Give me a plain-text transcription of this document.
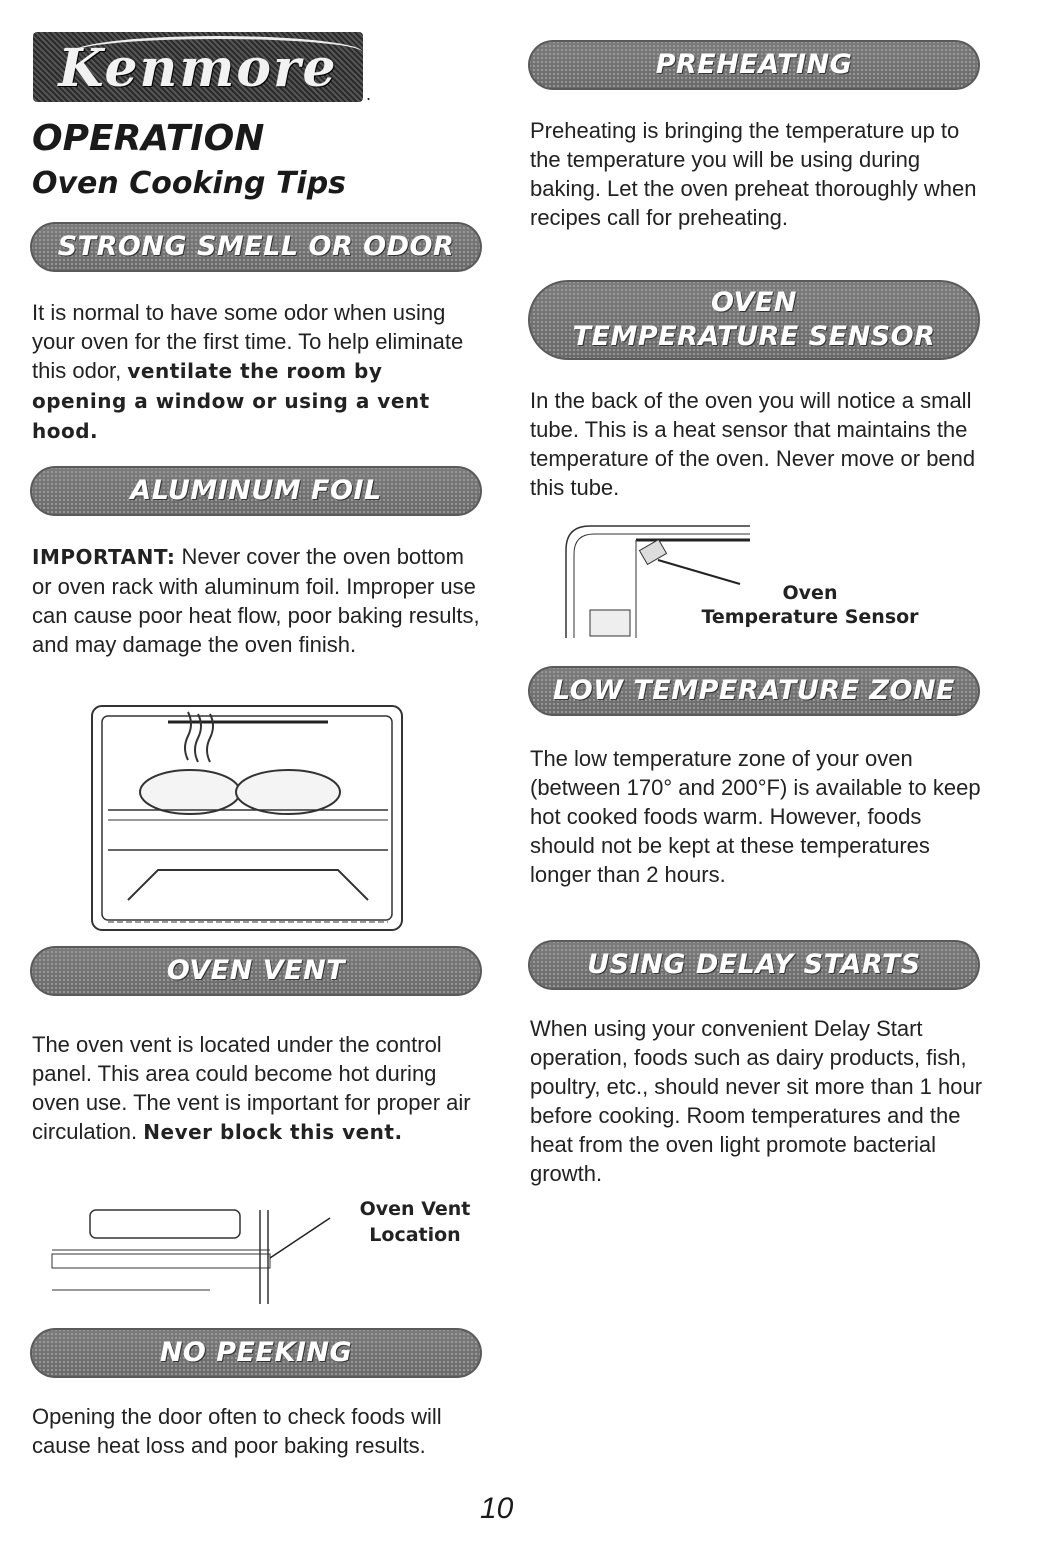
Kenmore	.
OPERATION
Oven Cooking Tips
STRONG SMELL OR ODOR
It is normal to have some odor when using your oven for the first time. To help eliminate this odor, ventilate the room by opening a window or using a vent hood.
ALUMINUM FOIL
IMPORTANT: Never cover the oven bottom or oven rack with aluminum foil. Improper use can cause poor heat flow, poor baking results, and may damage the oven finish.
OVEN VENT
The oven vent is located under the control panel. This area could become hot during oven use. The vent is important for proper air circulation. Never block this vent.
Oven Vent
Location
NO PEEKING
Opening the door often to check foods will cause heat loss and poor baking results.
PREHEATING
Preheating is bringing the temperature up to the temperature you will be using during baking. Let the oven preheat thoroughly when recipes call for preheating.
OVEN
TEMPERATURE SENSOR
In the back of the oven you will notice a small tube. This is a heat sensor that maintains the temperature of the oven. Never move or bend this tube.
Oven
Temperature Sensor
LOW TEMPERATURE ZONE
The low temperature zone of your oven (between 170° and 200°F) is available to keep hot cooked foods warm. However, foods should not be kept at these temperatures longer than 2 hours.
USING DELAY STARTS
When using your convenient Delay Start operation, foods such as dairy products, fish, poultry, etc., should never sit more than 1 hour before cooking. Room temperatures and the heat from the oven light promote bacterial growth.
10
